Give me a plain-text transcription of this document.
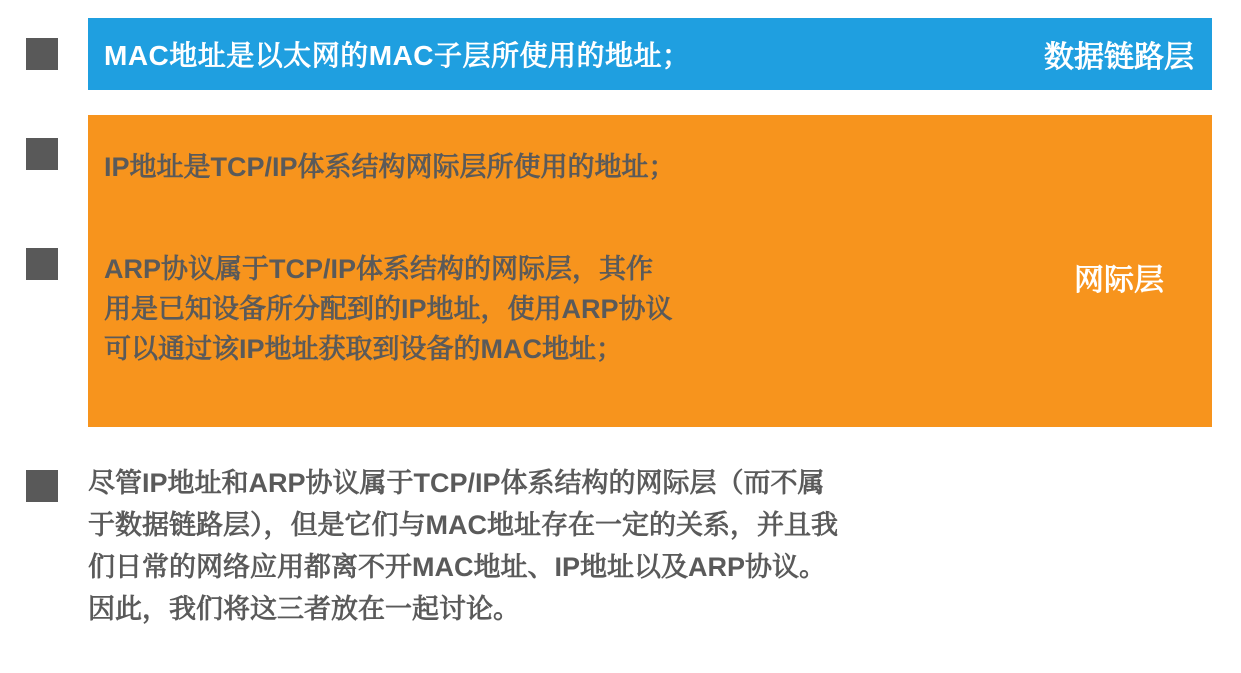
MAC地址是以太网的MAC子层所使用的地址；	数据链路层
IP地址是TCP/IP体系结构网际层所使用的地址；
ARP协议属于TCP/IP体系结构的网际层，其作
用是已知设备所分配到的IP地址，使用ARP协议
可以通过该IP地址获取到设备的MAC地址；
网际层
尽管IP地址和ARP协议属于TCP/IP体系结构的网际层（而不属
于数据链路层），但是它们与MAC地址存在一定的关系，并且我
们日常的网络应用都离不开MAC地址、IP地址以及ARP协议。
因此，我们将这三者放在一起讨论。
